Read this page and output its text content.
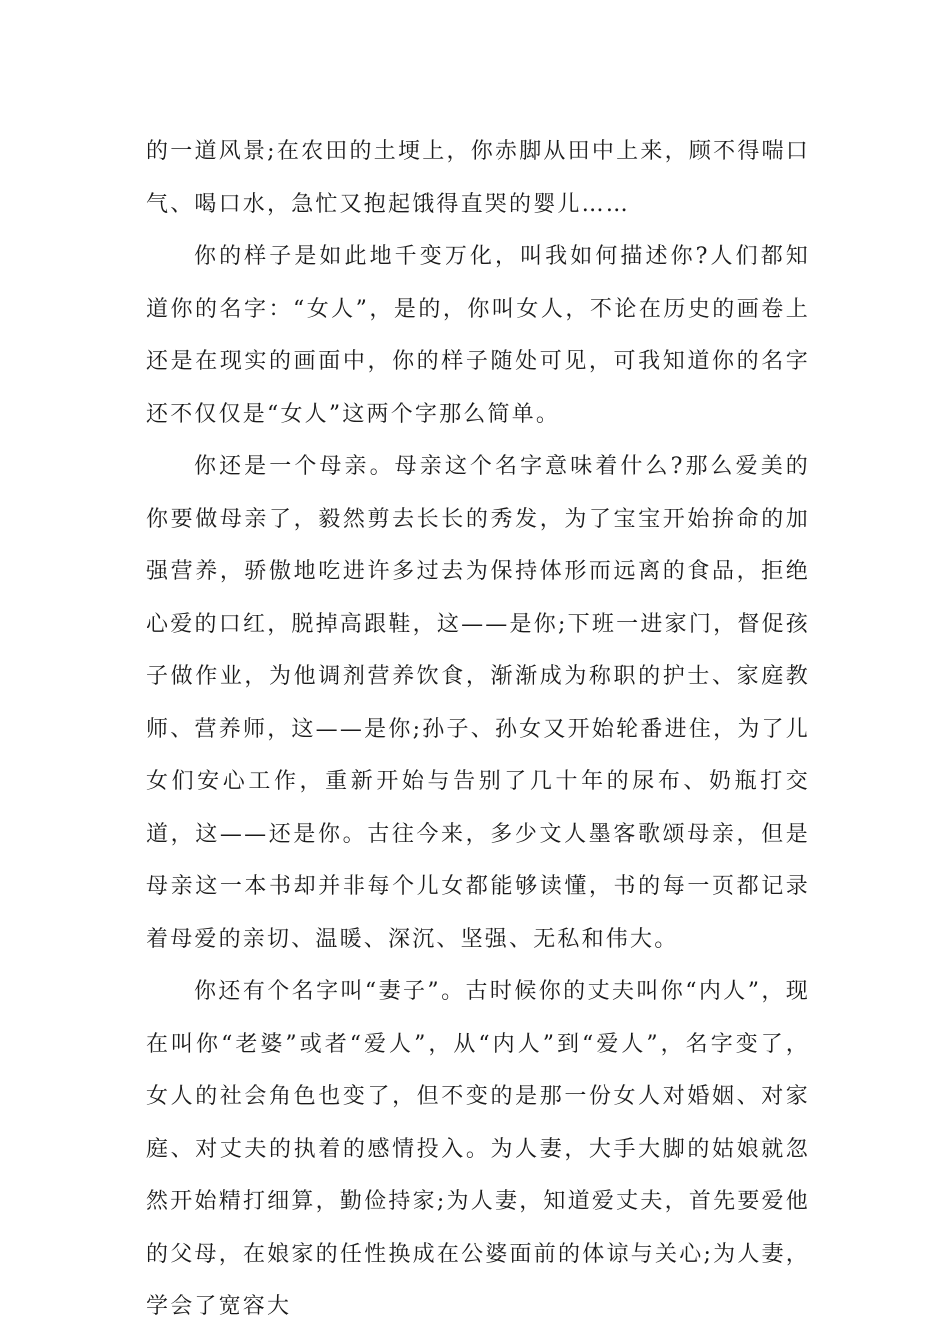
的一道风景;在农田的土埂上，你赤脚从田中上来，顾不得喘口气、喝口水，急忙又抱起饿得直哭的婴儿……

你的样子是如此地千变万化，叫我如何描述你?人们都知道你的名字：“女人”，是的，你叫女人，不论在历史的画卷上还是在现实的画面中，你的样子随处可见，可我知道你的名字还不仅仅是“女人”这两个字那么简单。

你还是一个母亲。母亲这个名字意味着什么?那么爱美的你要做母亲了，毅然剪去长长的秀发，为了宝宝开始拚命的加强营养，骄傲地吃进许多过去为保持体形而远离的食品，拒绝心爱的口红，脱掉高跟鞋，这——是你;下班一进家门，督促孩子做作业，为他调剂营养饮食，渐渐成为称职的护士、家庭教师、营养师，这——是你;孙子、孙女又开始轮番进住，为了儿女们安心工作，重新开始与告别了几十年的尿布、奶瓶打交道，这——还是你。古往今来，多少文人墨客歌颂母亲，但是母亲这一本书却并非每个儿女都能够读懂，书的每一页都记录着母爱的亲切、温暖、深沉、坚强、无私和伟大。

你还有个名字叫“妻子”。古时候你的丈夫叫你“内人”，现在叫你“老婆”或者“爱人”，从“内人”到“爱人”，名字变了，女人的社会角色也变了，但不变的是那一份女人对婚姻、对家庭、对丈夫的执着的感情投入。为人妻，大手大脚的姑娘就忽然开始精打细算，勤俭持家;为人妻，知道爱丈夫，首先要爱他的父母，在娘家的任性换成在公婆面前的体谅与关心;为人妻，学会了宽容大
